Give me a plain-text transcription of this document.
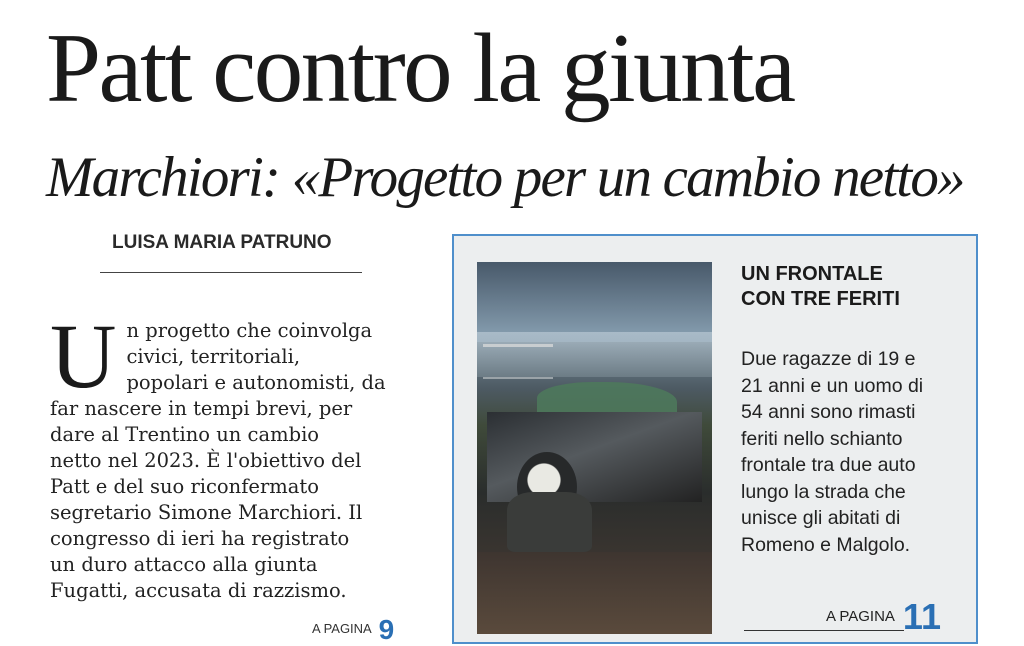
Patt contro la giunta
Marchiori: «Progetto per un cambio netto»
LUISA MARIA PATRUNO
U n progetto che coinvolga
civici, territoriali,
popolari e autonomisti, da
far nascere in tempi brevi, per
dare al Trentino un cambio
netto nel 2023. È l'obiettivo del
Patt e del suo riconfermato
segretario Simone Marchiori. Il
congresso di ieri ha registrato
un duro attacco alla giunta
Fugatti, accusata di razzismo.
A PAGINA 9
UN FRONTALE
CON TRE FERITI
Due ragazze di 19 e
21 anni e un uomo di
54 anni sono rimasti
feriti nello schianto
frontale tra due auto
lungo la strada che
unisce gli abitati di
Romeno e Malgolo.
A PAGINA 11
